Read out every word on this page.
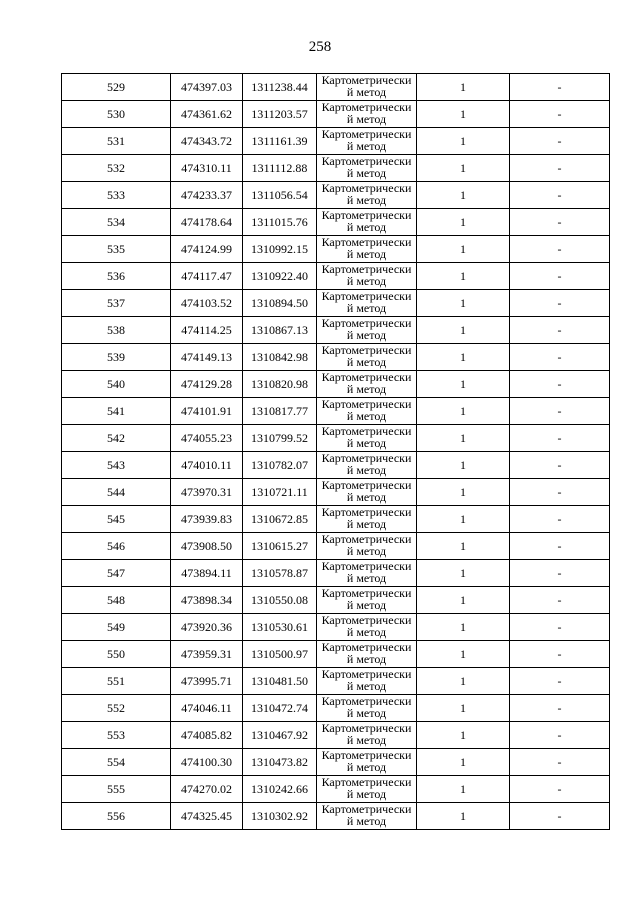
258
529	474397.03	1311238.44	Картометрически й метод	1	-
530	474361.62	1311203.57	Картометрически й метод	1	-
531	474343.72	1311161.39	Картометрически й метод	1	-
532	474310.11	1311112.88	Картометрически й метод	1	-
533	474233.37	1311056.54	Картометрически й метод	1	-
534	474178.64	1311015.76	Картометрически й метод	1	-
535	474124.99	1310992.15	Картометрически й метод	1	-
536	474117.47	1310922.40	Картометрически й метод	1	-
537	474103.52	1310894.50	Картометрически й метод	1	-
538	474114.25	1310867.13	Картометрически й метод	1	-
539	474149.13	1310842.98	Картометрически й метод	1	-
540	474129.28	1310820.98	Картометрически й метод	1	-
541	474101.91	1310817.77	Картометрически й метод	1	-
542	474055.23	1310799.52	Картометрически й метод	1	-
543	474010.11	1310782.07	Картометрически й метод	1	-
544	473970.31	1310721.11	Картометрически й метод	1	-
545	473939.83	1310672.85	Картометрически й метод	1	-
546	473908.50	1310615.27	Картометрически й метод	1	-
547	473894.11	1310578.87	Картометрически й метод	1	-
548	473898.34	1310550.08	Картометрически й метод	1	-
549	473920.36	1310530.61	Картометрически й метод	1	-
550	473959.31	1310500.97	Картометрически й метод	1	-
551	473995.71	1310481.50	Картометрически й метод	1	-
552	474046.11	1310472.74	Картометрически й метод	1	-
553	474085.82	1310467.92	Картометрически й метод	1	-
554	474100.30	1310473.82	Картометрически й метод	1	-
555	474270.02	1310242.66	Картометрически й метод	1	-
556	474325.45	1310302.92	Картометрически й метод	1	-
